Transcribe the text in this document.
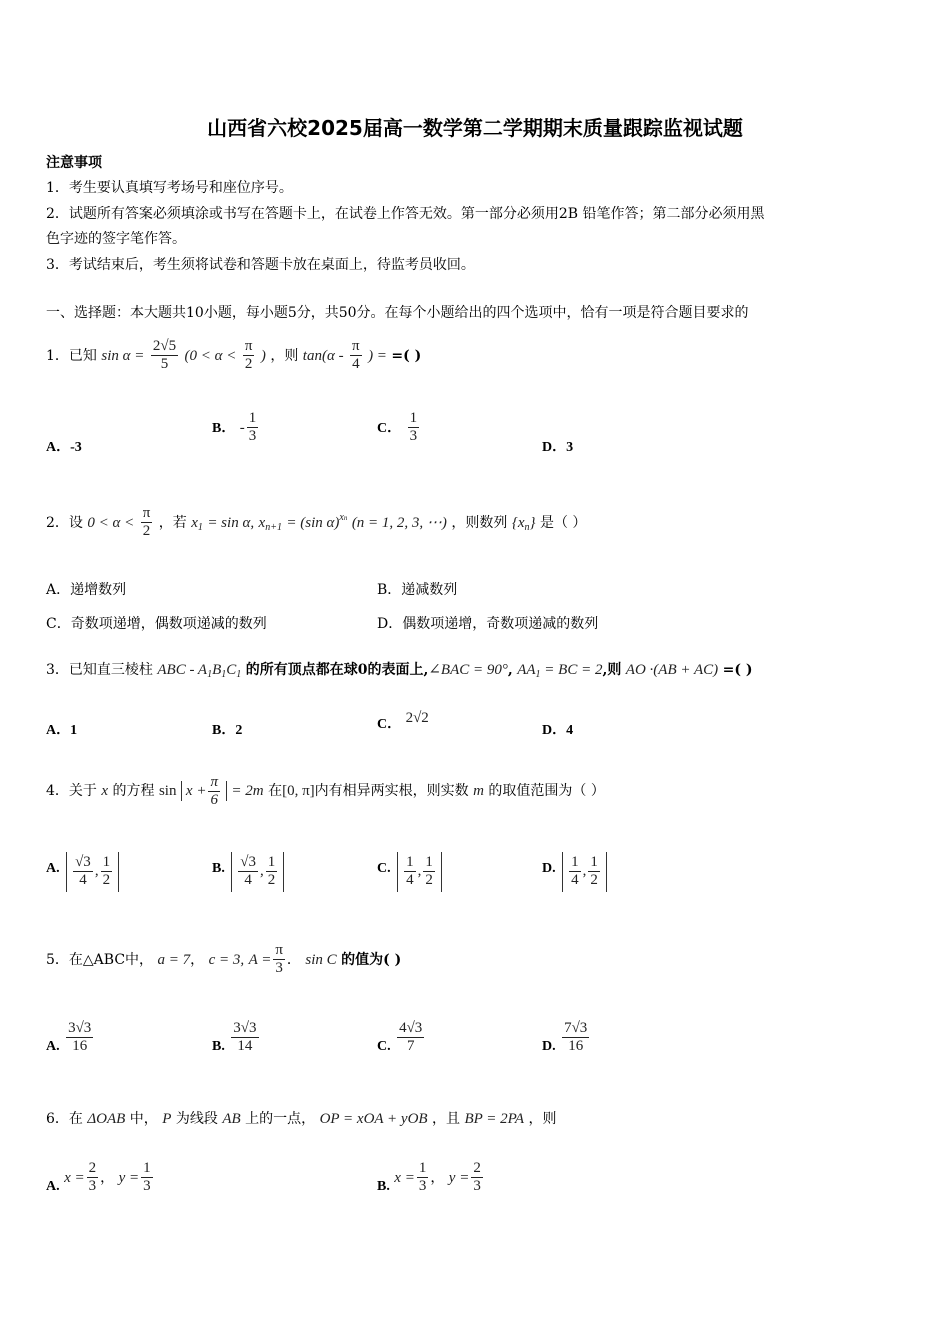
山西省六校2025届高一数学第二学期期末质量跟踪监视试题
注意事项
1．考生要认真填写考场号和座位序号。
2．试题所有答案必须填涂或书写在答题卡上，在试卷上作答无效。第一部分必须用2B 铅笔作答；第二部分必须用黑
色字迹的签字笔作答。
3．考试结束后，考生须将试卷和答题卡放在桌面上，待监考员收回。
一、选择题：本大题共10小题，每小题5分，共50分。在每个小题给出的四个选项中，恰有一项是符合题目要求的
1．已知 $\sin \alpha = \frac{2√5}{5} (0 < \alpha < \frac{\pi}{2}$ ) ，则 $\tan(\alpha - \frac{\pi}{4}$ ) = =( )
A．-3
B． - $\frac{1}{3}$	C． $\frac{1}{3}$
D．3
2．设 $0 < \alpha < \frac{\pi}{2}$ ，若 $x_1 = \sin \alpha$, $x_{n+1} = (\sin$ α)$^{xn}$ (n = 1, 2, 3, ⋯) ，则数列 $\{x_n\}$ 是（ ）
A．递增数列	B．递减数列
C．奇数项递增，偶数项递减的数列	D．偶数项递增，奇数项递减的数列
3．已知直三棱柱 ABC - $A_1B_1C_1$ 的所有顶点都在球0的表面上,∠BAC = 90°, $AA_1$ = BC = 2,则 AO ·(AB + AC) =( )
A．1	B．2	C． 2√2
D．4
4．关于 x 的方程 $\sin x + \frac{\pi}{6} = 2m$ 在[0, π]内有相异两实根，则实数 m 的取值范围为（ ）
A. $\frac{√3}{4}$ , $\frac{1}{2}$	B. $\frac{√3}{4}$ , $\frac{1}{2}$	C. $\frac{1}{4}$ , $\frac{1}{2}$	D. $\frac{1}{4}$ , $\frac{1}{2}$
5．在△ABC中， a = 7， c = 3, $A = \frac{\pi}{3}$ ． sin C 的值为( )
A. $\frac{3√3}{16}$	B. $\frac{3√3}{14}$	C. $\frac{4√3}{7}$	D. $\frac{7√3}{16}$
6．在 ΔOAB 中， P 为线段 AB 上的一点， OP = xOA + yOB ，且 BP = 2PA ，则
A. $x = \frac{2}{3}$ ， $y = \frac{1}{3}$	B. $x = \frac{1}{3}$ ， $y = \frac{2}{3}$
